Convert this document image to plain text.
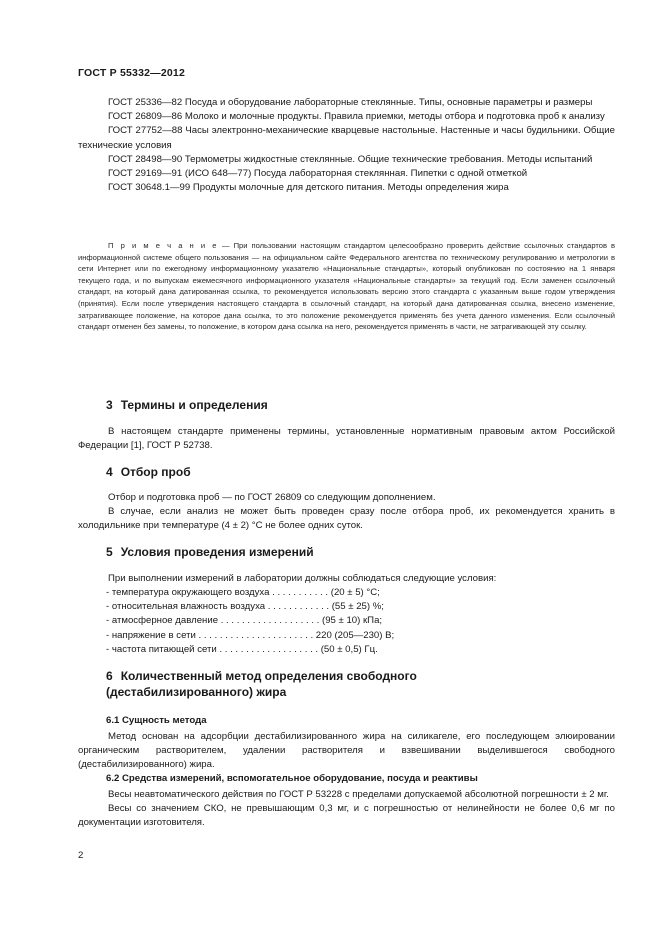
ГОСТ Р 55332—2012

ГОСТ 25336—82 Посуда и оборудование лабораторные стеклянные. Типы, основные параметры и размеры

ГОСТ 26809—86 Молоко и молочные продукты. Правила приемки, методы отбора и подготовка проб к анализу

ГОСТ 27752—88 Часы электронно-механические кварцевые настольные. Настенные и часы будильники. Общие технические условия

ГОСТ 28498—90 Термометры жидкостные стеклянные. Общие технические требования. Методы испытаний

ГОСТ 29169—91 (ИСО 648—77) Посуда лабораторная стеклянная. Пипетки с одной отметкой

ГОСТ 30648.1—99 Продукты молочные для детского питания. Методы определения жира

П р и м е ч а н и е — При пользовании настоящим стандартом целесообразно проверить действие ссылочных стандартов в информационной системе общего пользования — на официальном сайте Федерального агентства по техническому регулированию и метрологии в сети Интернет или по ежегодному информационному указателю «Национальные стандарты», который опубликован по состоянию на 1 января текущего года, и по выпускам ежемесячного информационного указателя «Национальные стандарты» за текущий год. Если заменен ссылочный стандарт, на который дана датированная ссылка, то рекомендуется использовать версию этого стандарта с указанным выше годом утверждения (принятия). Если после утверждения настоящего стандарта в ссылочный стандарт, на который дана датированная ссылка, внесено изменение, затрагивающее положение, на которое дана ссылка, то это положение рекомендуется применять без учета данного изменения. Если ссылочный стандарт отменен без замены, то положение, в котором дана ссылка на него, рекомендуется применять в части, не затрагивающей эту ссылку.

3 Термины и определения

В настоящем стандарте применены термины, установленные нормативным правовым актом Российской Федерации [1], ГОСТ Р 52738.

4 Отбор проб

Отбор и подготовка проб — по ГОСТ 26809 со следующим дополнением.

В случае, если анализ не может быть проведен сразу после отбора проб, их рекомендуется хранить в холодильнике при температуре (4 ± 2) °С не более одних суток.

5 Условия проведения измерений

При выполнении измерений в лаборатории должны соблюдаться следующие условия:

- температура окружающего воздуха . . . . . . . . . . . (20 ± 5) °С;
- относительная влажность воздуха . . . . . . . . . . . . (55 ± 25) %;
- атмосферное давление . . . . . . . . . . . . . . . . . . . (95 ± 10) кПа;
- напряжение в сети . . . . . . . . . . . . . . . . . . . . . . 220 (205—230) В;
- частота питающей сети . . . . . . . . . . . . . . . . . . . (50 ± 0,5) Гц.
6 Количественный метод определения свободного
(дестабилизированного) жира
6.1 Сущность метода

Метод основан на адсорбции дестабилизированного жира на силикагеле, его последующем элюировании органическим растворителем, удалении растворителя и взвешивании выделившегося свободного (дестабилизированного) жира.

6.2 Средства измерений, вспомогательное оборудование, посуда и реактивы

Весы неавтоматического действия по ГОСТ Р 53228 с пределами допускаемой абсолютной погрешности ± 2 мг.

Весы со значением СКО, не превышающим 0,3 мг, и с погрешностью от нелинейности не более 0,6 мг по документации изготовителя.

2
